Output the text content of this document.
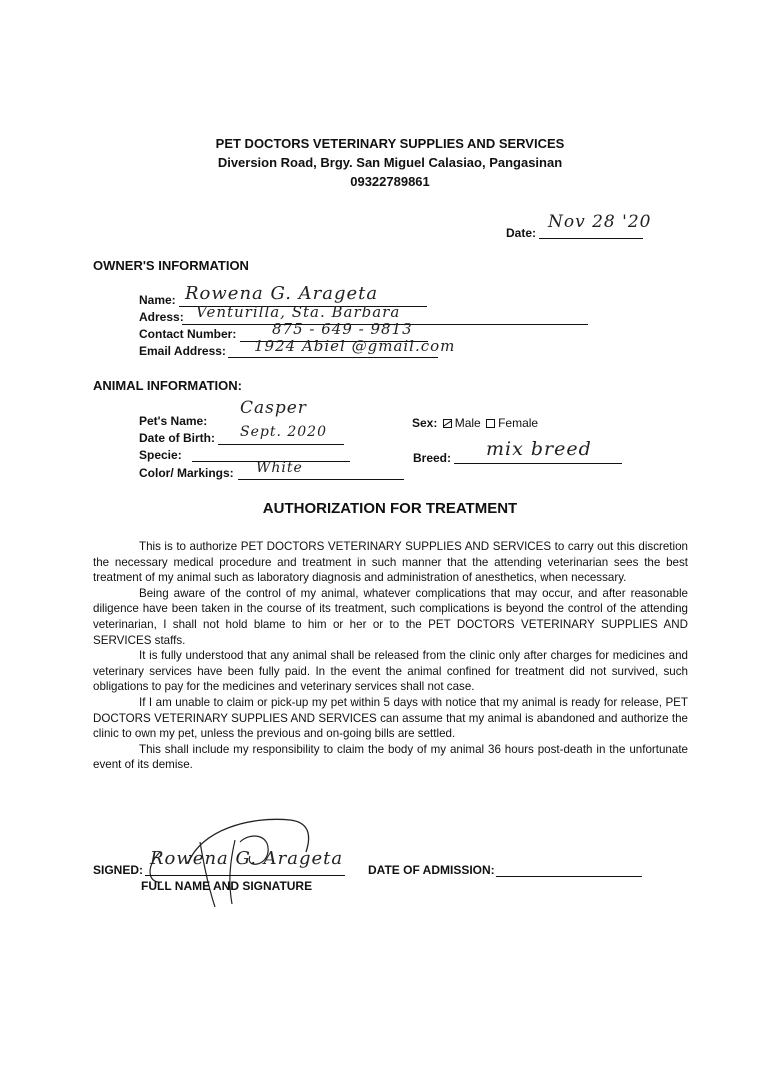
PET DOCTORS VETERINARY SUPPLIES AND SERVICES
Diversion Road, Brgy. San Miguel Calasiao, Pangasinan
09322789861
Date:
Nov 28 '20
OWNER'S INFORMATION
Name: Rowena G. Arageta
Adress: Venturilla, Sta. Barbara
Contact Number: 875 - 649 - 9813
Email Address: 1924 Abiel @gmail.com
ANIMAL INFORMATION:
Pet's Name:
Casper
Date of Birth: Sept. 2020
Specie:
Color/ Markings: White
Sex: Male Female
Breed: mix breed
AUTHORIZATION FOR TREATMENT

This is to authorize PET DOCTORS VETERINARY SUPPLIES AND SERVICES to carry out this discretion the necessary medical procedure and treatment in such manner that the attending veterinarian sees the best treatment of my animal such as laboratory diagnosis and administration of anesthetics, when necessary.

Being aware of the control of my animal, whatever complications that may occur, and after reasonable diligence have been taken in the course of its treatment, such complications is beyond the control of the attending veterinarian, I shall not hold blame to him or her or to the PET DOCTORS VETERINARY SUPPLIES AND SERVICES staffs.

It is fully understood that any animal shall be released from the clinic only after charges for medicines and veterinary services have been fully paid. In the event the animal confined for treatment did not survived, such obligations to pay for the medicines and veterinary services shall not case.

If I am unable to claim or pick-up my pet within 5 days with notice that my animal is ready for release, PET DOCTORS VETERINARY SUPPLIES AND SERVICES can assume that my animal is abandoned and authorize the clinic to own my pet, unless the previous and on-going bills are settled.

This shall include my responsibility to claim the body of my animal 36 hours post-death in the unfortunate event of its demise.

SIGNED:
Rowena G. Arageta
FULL NAME AND SIGNATURE
DATE OF ADMISSION:
